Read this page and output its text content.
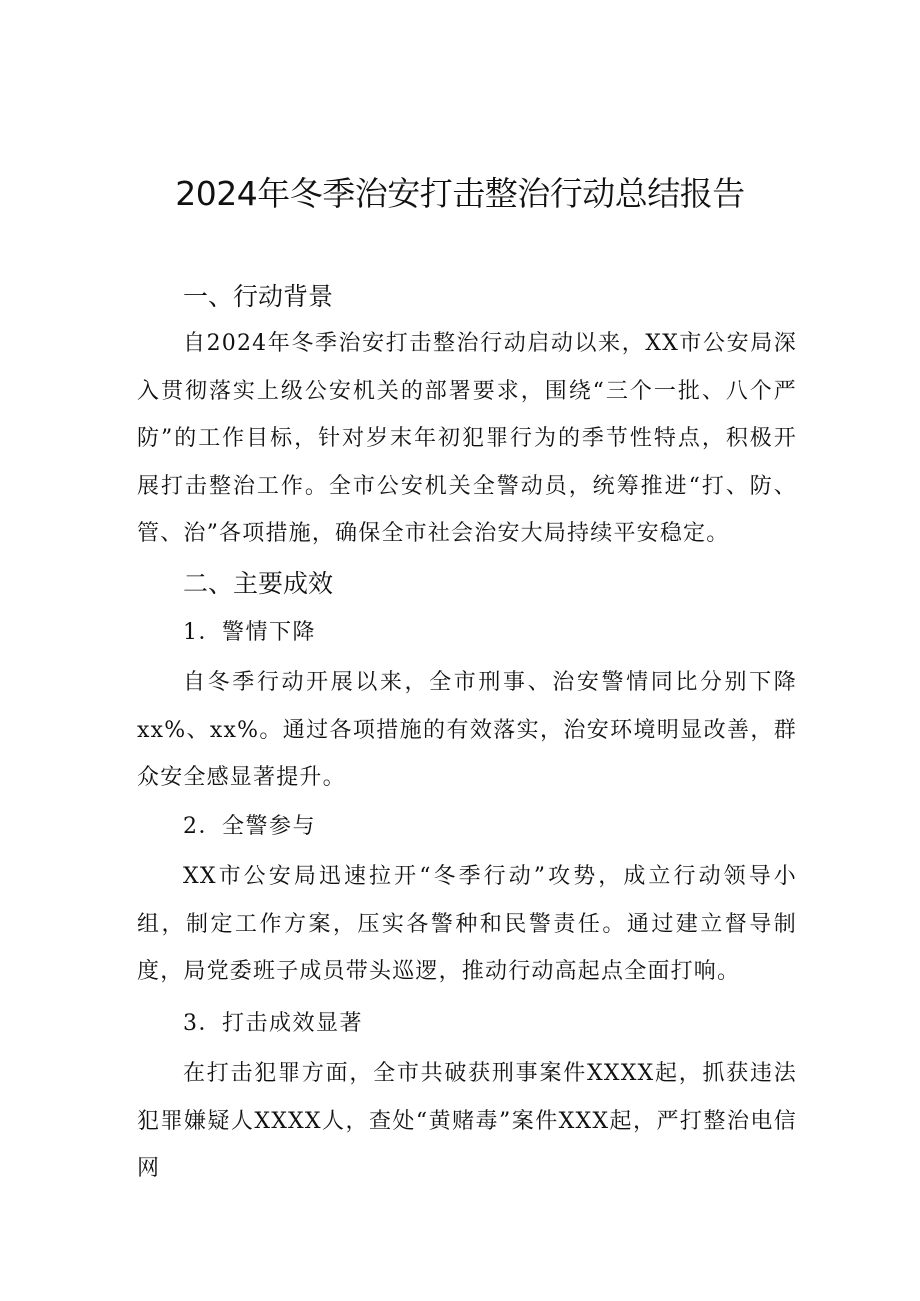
2024年冬季治安打击整治行动总结报告
一、行动背景

自2024年冬季治安打击整治行动启动以来，XX市公安局深入贯彻落实上级公安机关的部署要求，围绕“三个一批、八个严防”的工作目标，针对岁末年初犯罪行为的季节性特点，积极开展打击整治工作。全市公安机关全警动员，统筹推进“打、防、管、治”各项措施，确保全市社会治安大局持续平安稳定。

二、主要成效

1．警情下降

自冬季行动开展以来，全市刑事、治安警情同比分别下降xx%、xx%。通过各项措施的有效落实，治安环境明显改善，群众安全感显著提升。

2．全警参与

XX市公安局迅速拉开“冬季行动”攻势，成立行动领导小组，制定工作方案，压实各警种和民警责任。通过建立督导制度，局党委班子成员带头巡逻，推动行动高起点全面打响。

3．打击成效显著

在打击犯罪方面，全市共破获刑事案件XXXX起，抓获违法犯罪嫌疑人XXXX人，查处“黄赌毒”案件XXX起，严打整治电信网
